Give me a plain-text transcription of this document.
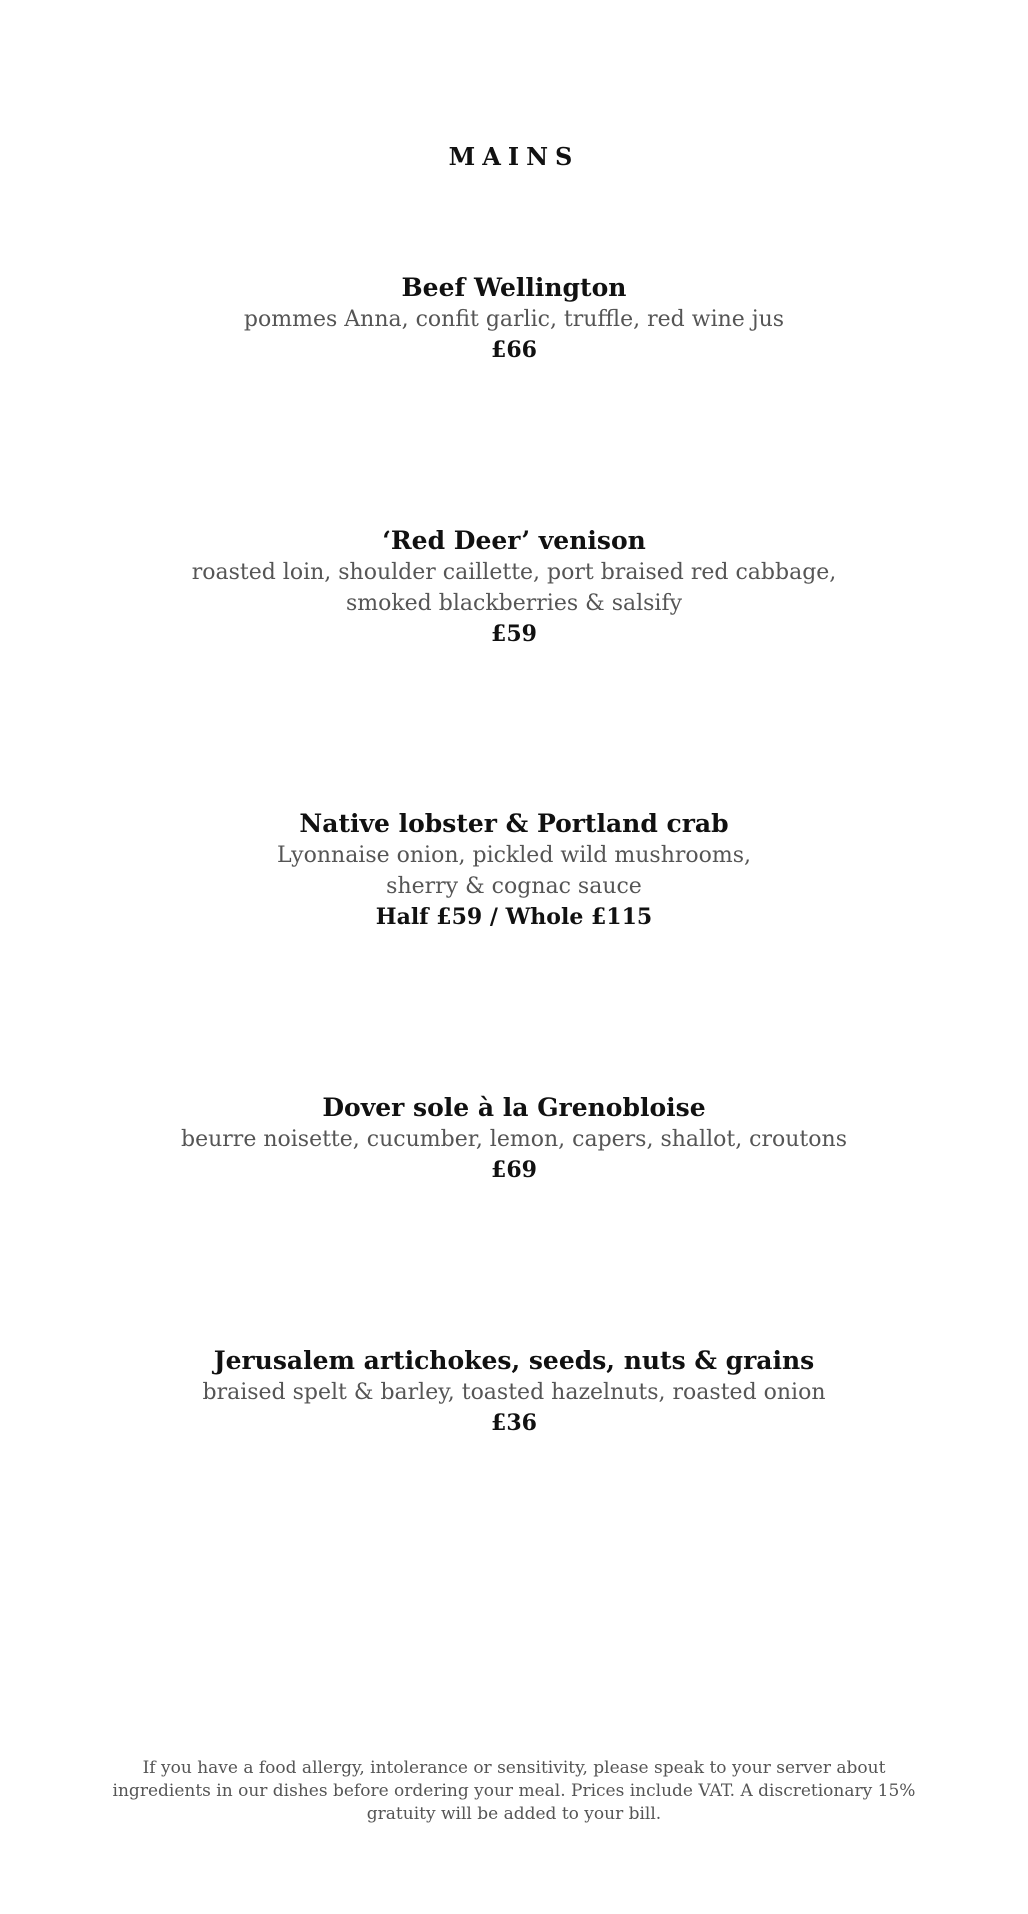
MAINS
Beef Wellington
pommes Anna, confit garlic, truffle, red wine jus
£66
‘Red Deer’ venison
roasted loin, shoulder caillette, port braised red cabbage,
smoked blackberries & salsify
£59
Native lobster & Portland crab
Lyonnaise onion, pickled wild mushrooms,
sherry & cognac sauce
Half £59 / Whole £115
Dover sole à la Grenobloise
beurre noisette, cucumber, lemon, capers, shallot, croutons
£69
Jerusalem artichokes, seeds, nuts & grains
braised spelt & barley, toasted hazelnuts, roasted onion
£36
If you have a food allergy, intolerance or sensitivity, please speak to your server about
ingredients in our dishes before ordering your meal. Prices include VAT. A discretionary 15%
gratuity will be added to your bill.
